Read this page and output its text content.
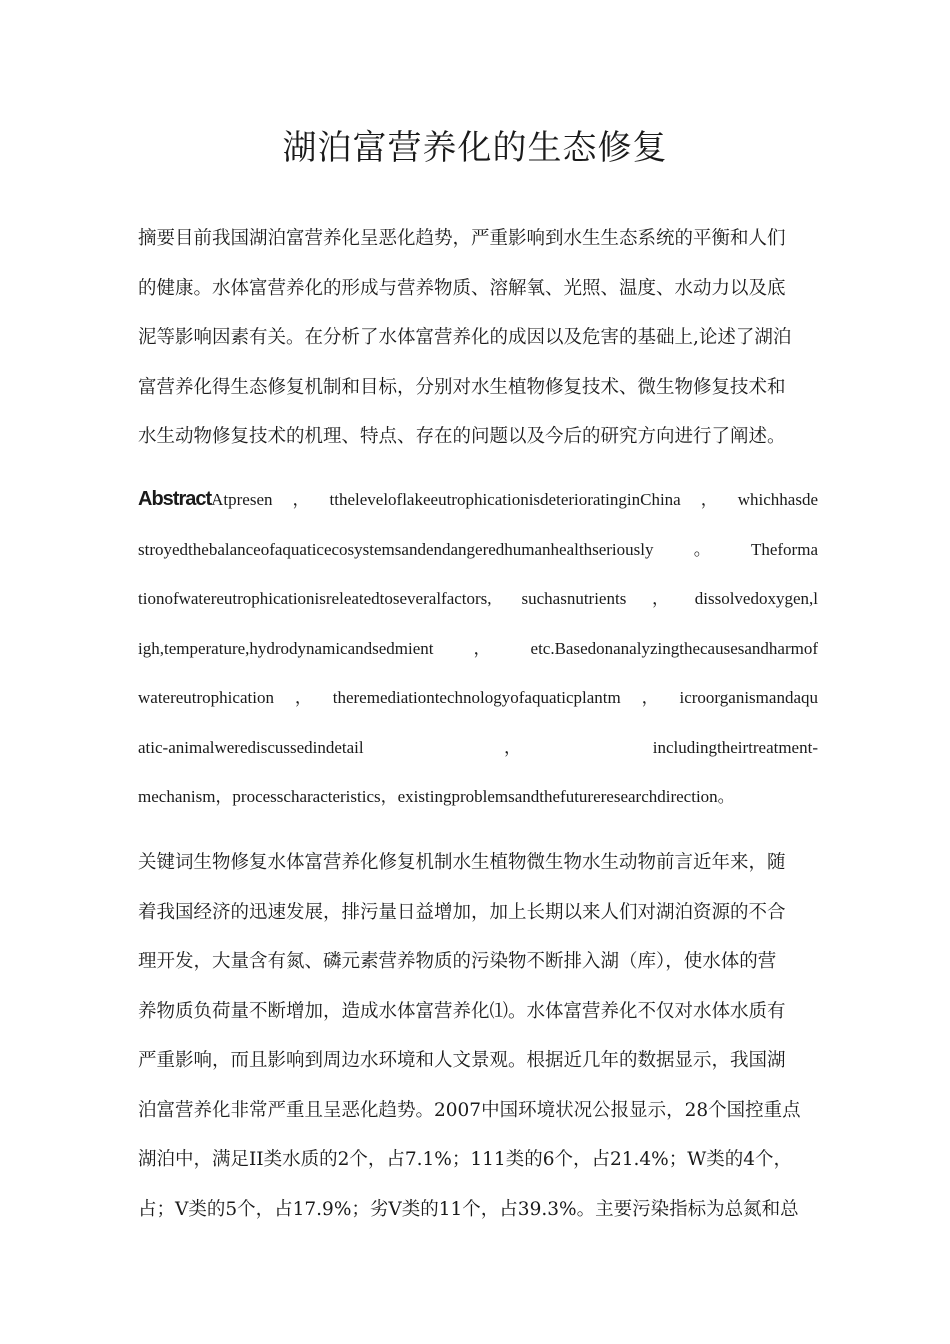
湖泊富营养化的生态修复
摘要目前我国湖泊富营养化呈恶化趋势，严重影响到水生生态系统的平衡和人们
的健康。水体富营养化的形成与营养物质、溶解氧、光照、温度、水动力以及底
泥等影响因素有关。在分析了水体富营养化的成因以及危害的基础上,论述了湖泊
富营养化得生态修复机制和目标，分别对水生植物修复技术、微生物修复技术和
水生动物修复技术的机理、特点、存在的问题以及今后的研究方向进行了阐述。
AbstractAtpresen，ttheleveloflakeeutrophicationisdeterioratinginChina，whichhasde
stroyedthebalanceofaquaticecosystemsandendangeredhumanhealthseriously。Theforma
tionofwatereutrophicationisreleatedtoseveralfactors, suchasnutrients，dissolvedoxygen,l
igh,temperature,hydrodynamicandsedmient，etc.Basedonanalyzingthecausesandharmof
watereutrophication，theremediationtechnologyofaquaticplantm，icroorganismandaqu
atic-animalwerediscussedindetail　　　　　　　，　　　　　　　includingtheirtreatment-
mechanism，processcharacteristics，existingproblemsandthefutureresearchdirection。
关键词生物修复水体富营养化修复机制水生植物微生物水生动物前言近年来，随
着我国经济的迅速发展，排污量日益增加，加上长期以来人们对湖泊资源的不合
理开发，大量含有氮、磷元素营养物质的污染物不断排入湖（库），使水体的营
养物质负荷量不断增加，造成水体富营养化⑴。水体富营养化不仅对水体水质有
严重影响，而且影响到周边水环境和人文景观。根据近几年的数据显示，我国湖
泊富营养化非常严重且呈恶化趋势。2007中国环境状况公报显示，28个国控重点
湖泊中，满足II类水质的2个，占7.1%；111类的6个，占21.4%；W类的4个，
占；V类的5个，占17.9%；劣V类的11个，占39.3%。主要污染指标为总氮和总
